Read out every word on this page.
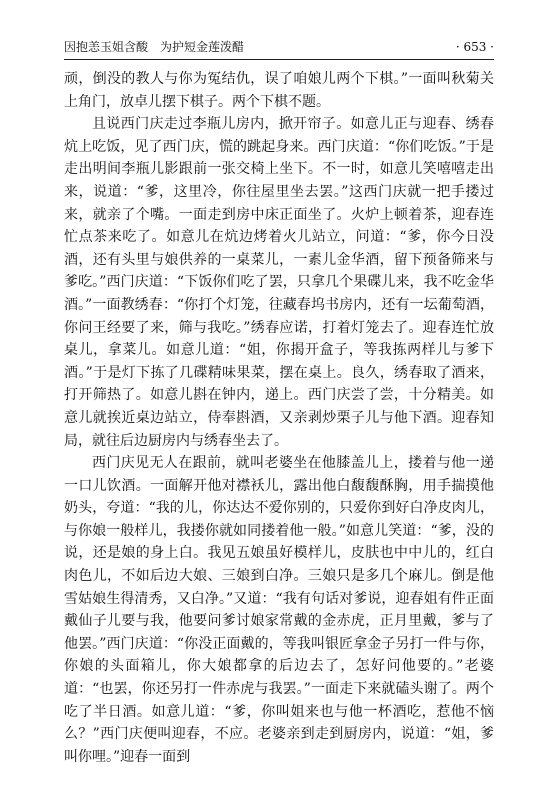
因抱恙玉姐含酸　为护短金莲泼醋	· 653 ·

顽，倒没的教人与你为冤结仇，误了咱娘儿两个下棋。”一面叫秋菊关上角门，放卓儿摆下棋子。两个下棋不题。

且说西门庆走过李瓶儿房内，掀开帘子。如意儿正与迎春、绣春炕上吃饭，见了西门庆，慌的跳起身来。西门庆道：“你们吃饭。”于是走出明间李瓶儿影跟前一张交椅上坐下。不一时，如意儿笑嘻嘻走出来，说道：“爹，这里冷，你往屋里坐去罢。”这西门庆就一把手搂过来，就亲了个嘴。一面走到房中床正面坐了。火炉上顿着茶，迎春连忙点茶来吃了。如意儿在炕边烤着火儿站立，问道：“爹，你今日没酒，还有头里与娘供养的一桌菜儿，一素儿金华酒，留下预备筛来与爹吃。”西门庆道：“下饭你们吃了罢，只拿几个果碟儿来，我不吃金华酒。”一面教绣春：“你打个灯笼，往藏春坞书房内，还有一坛葡萄酒，你问王经要了来，筛与我吃。”绣春应诺，打着灯笼去了。迎春连忙放桌儿，拿菜儿。如意儿道：“姐，你揭开盒子，等我拣两样儿与爹下酒。”于是灯下拣了几碟精味果菜，摆在桌上。良久，绣春取了酒来，打开筛热了。如意儿斟在钟内，递上。西门庆尝了尝，十分精美。如意儿就挨近桌边站立，侍奉斟酒，又亲剥炒栗子儿与他下酒。迎春知局，就往后边厨房内与绣春坐去了。

西门庆见无人在跟前，就叫老婆坐在他膝盖儿上，搂着与他一递一口儿饮酒。一面解开他对襟袄儿，露出他白馥馥酥胸，用手揣摸他奶头，夸道：“我的儿，你达达不爱你别的，只爱你到好白净皮肉儿，与你娘一般样儿，我搂你就如同搂着他一般。”如意儿笑道：“爹，没的说，还是娘的身上白。我见五娘虽好模样儿，皮肤也中中儿的，红白肉色儿，不如后边大娘、三娘到白净。三娘只是多几个麻儿。倒是他雪姑娘生得清秀，又白净。”又道：“我有句话对爹说，迎春姐有件正面戴仙子儿要与我，他要问爹讨娘家常戴的金赤虎，正月里戴，爹与了他罢。”西门庆道：“你没正面戴的，等我叫银匠拿金子另打一件与你，你娘的头面箱儿，你大娘都拿的后边去了，怎好问他要的。”老婆道：“也罢，你还另打一件赤虎与我罢。”一面走下来就磕头谢了。两个吃了半日酒。如意儿道：“爹，你叫姐来也与他一杯酒吃，惹他不恼么？”西门庆便叫迎春，不应。老婆亲到走到厨房内，说道：“姐，爹叫你哩。”迎春一面到
